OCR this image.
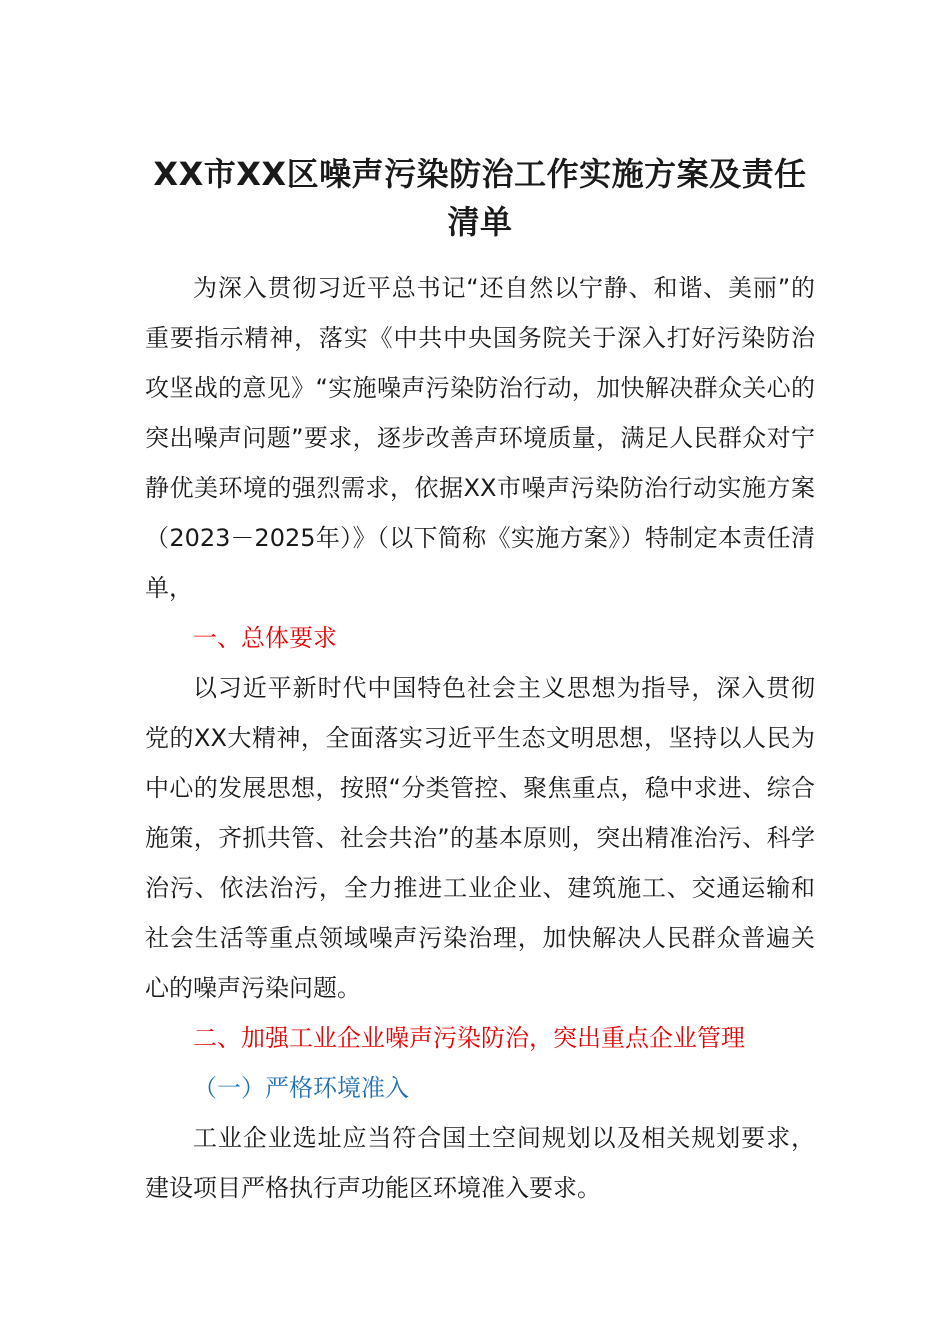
XX市XX区噪声污染防治工作实施方案及责任清单

为深入贯彻习近平总书记“还自然以宁静、和谐、美丽”的重要指示精神，落实《中共中央国务院关于深入打好污染防治攻坚战的意见》“实施噪声污染防治行动，加快解决群众关心的突出噪声问题”要求，逐步改善声环境质量，满足人民群众对宁静优美环境的强烈需求，依据XX市噪声污染防治行动实施方案（2023－2025年）》（以下简称《实施方案》）特制定本责任清单，

一、总体要求

以习近平新时代中国特色社会主义思想为指导，深入贯彻党的XX大精神，全面落实习近平生态文明思想，坚持以人民为中心的发展思想，按照“分类管控、聚焦重点，稳中求进、综合施策，齐抓共管、社会共治”的基本原则，突出精准治污、科学治污、依法治污，全力推进工业企业、建筑施工、交通运输和社会生活等重点领域噪声污染治理，加快解决人民群众普遍关心的噪声污染问题。

二、加强工业企业噪声污染防治，突出重点企业管理

（一）严格环境准入

工业企业选址应当符合国土空间规划以及相关规划要求，建设项目严格执行声功能区环境准入要求。
